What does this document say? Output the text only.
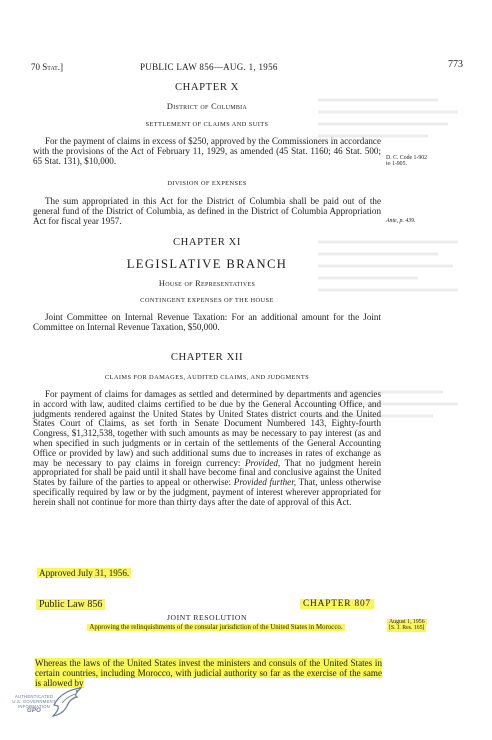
70 Stat.]	PUBLIC LAW 856—AUG. 1, 1956	773
CHAPTER X
District of Columbia
SETTLEMENT OF CLAIMS AND SUITS
For the payment of claims in excess of $250, approved by the Commissioners in accordance with the provisions of the Act of February 11, 1929, as amended (45 Stat. 1160; 46 Stat. 500; 65 Stat. 131), $10,000.	D. C. Code 1-902
to 1-905.
DIVISION OF EXPENSES
The sum appropriated in this Act for the District of Columbia shall be paid out of the general fund of the District of Columbia, as defined in the District of Columbia Appropriation Act for fiscal year 1957.	Ante, p. 439.
CHAPTER XI
LEGISLATIVE BRANCH
House of Representatives
CONTINGENT EXPENSES OF THE HOUSE
Joint Committee on Internal Revenue Taxation: For an additional amount for the Joint Committee on Internal Revenue Taxation, $50,000.
CHAPTER XII
CLAIMS FOR DAMAGES, AUDITED CLAIMS, AND JUDGMENTS
For payment of claims for damages as settled and determined by departments and agencies in accord with law, audited claims certified to be due by the General Accounting Office, and judgments rendered against the United States by United States district courts and the United States Court of Claims, as set forth in Senate Document Numbered 143, Eighty-fourth Congress, $1,312,538, together with such amounts as may be necessary to pay interest (as and when specified in such judgments or in certain of the settlements of the General Accounting Office or provided by law) and such additional sums due to increases in rates of exchange as may be necessary to pay claims in foreign currency: Provided, That no judgment herein appropriated for shall be paid until it shall have become final and conclusive against the United States by failure of the parties to appeal or otherwise: Provided further, That, unless otherwise specifically required by law or by the judgment, payment of interest wherever appropriated for herein shall not continue for more than thirty days after the date of approval of this Act.
Approved July 31, 1956.
Public Law 856	CHAPTER 807
JOINT RESOLUTION
Approving the relinquishments of the consular jurisdiction of the United States in Morocco.
August 1, 1956
[S. J. Res. 165]
Whereas the laws of the United States invest the ministers and consuls of the United States in certain countries, including Morocco, with judicial authority so far as the exercise of the same is allowed by
AUTHENTICATED
U.S. GOVERNMENT
INFORMATION
GPO
